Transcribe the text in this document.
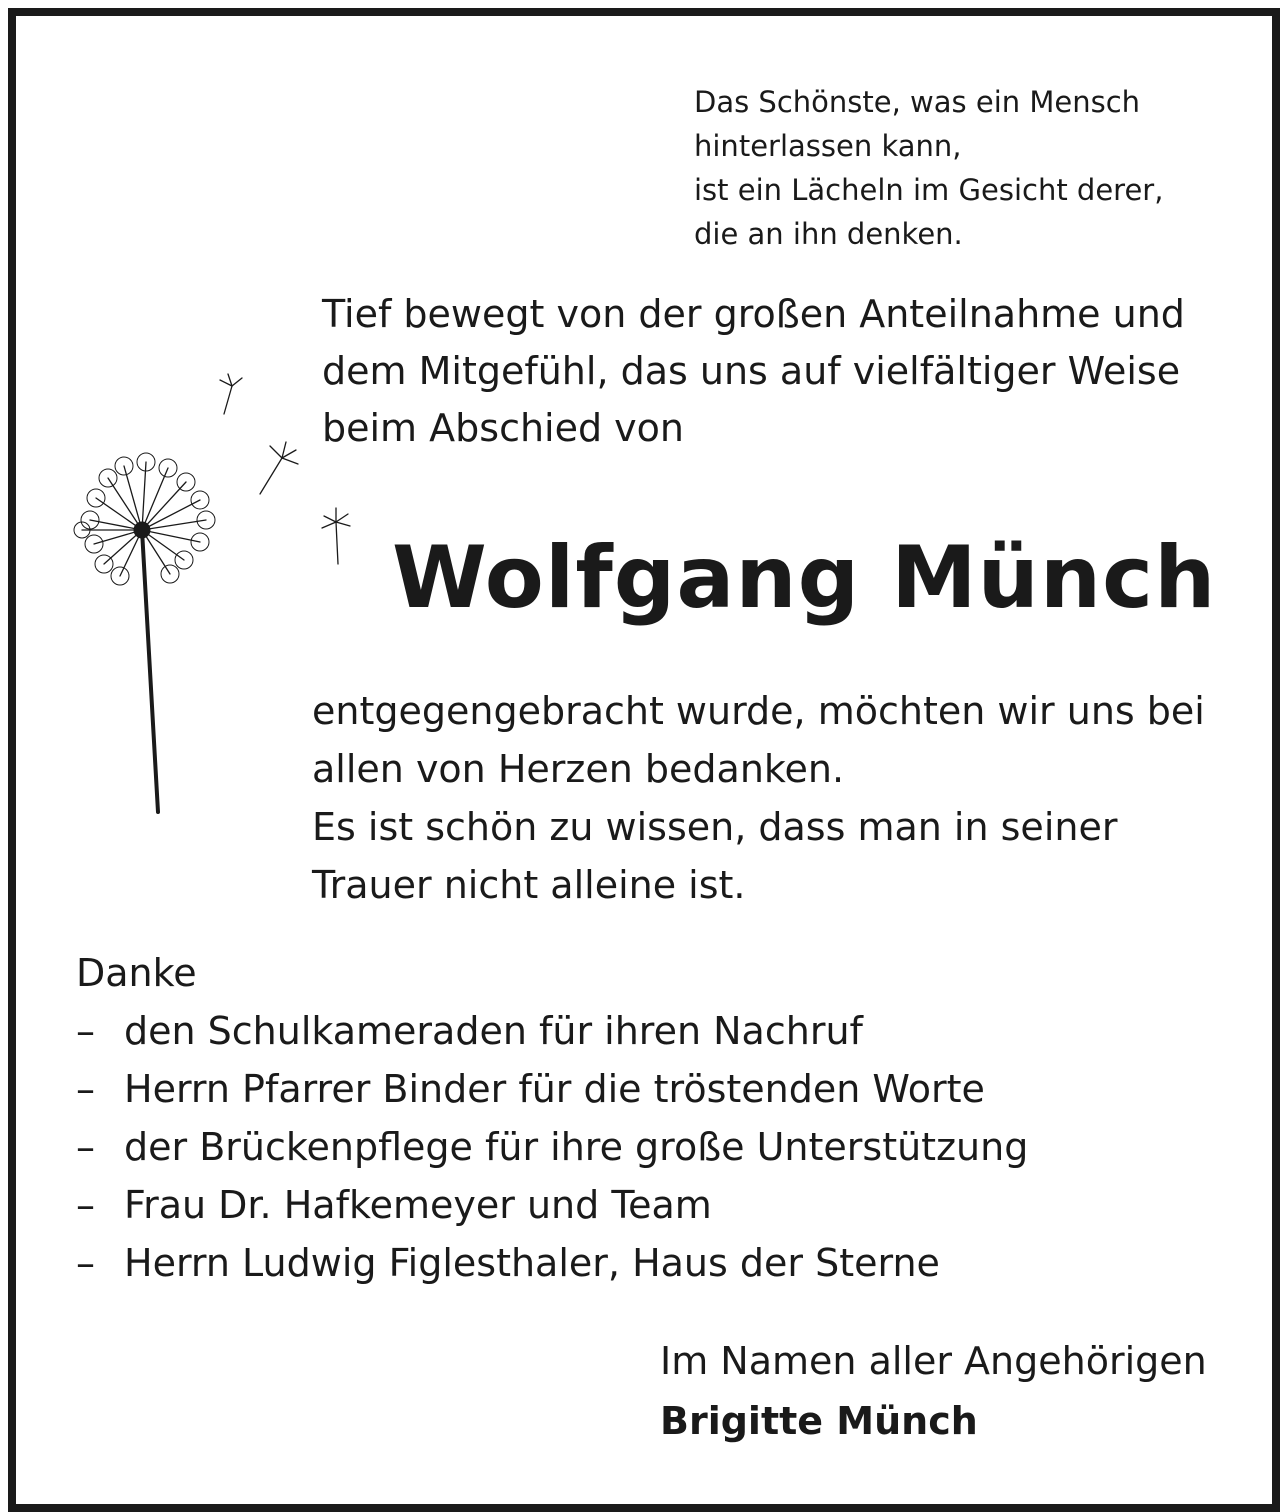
Das Schönste, was ein Mensch
hinterlassen kann,
ist ein Lächeln im Gesicht derer,
die an ihn denken.

Tief bewegt von der großen Anteilnahme und
dem Mitgefühl, das uns auf vielfältiger Weise
beim Abschied von

Wolfgang Münch

entgegengebracht wurde, möchten wir uns bei
allen von Herzen bedanken.
Es ist schön zu wissen, dass man in seiner
Trauer nicht alleine ist.

Danke

– den Schulkameraden für ihren Nachruf
– Herrn Pfarrer Binder für die tröstenden Worte
– der Brückenpflege für ihre große Unterstützung
– Frau Dr. Hafkemeyer und Team
– Herrn Ludwig Figlesthaler, Haus der Sterne

Im Namen aller Angehörigen

Brigitte Münch
